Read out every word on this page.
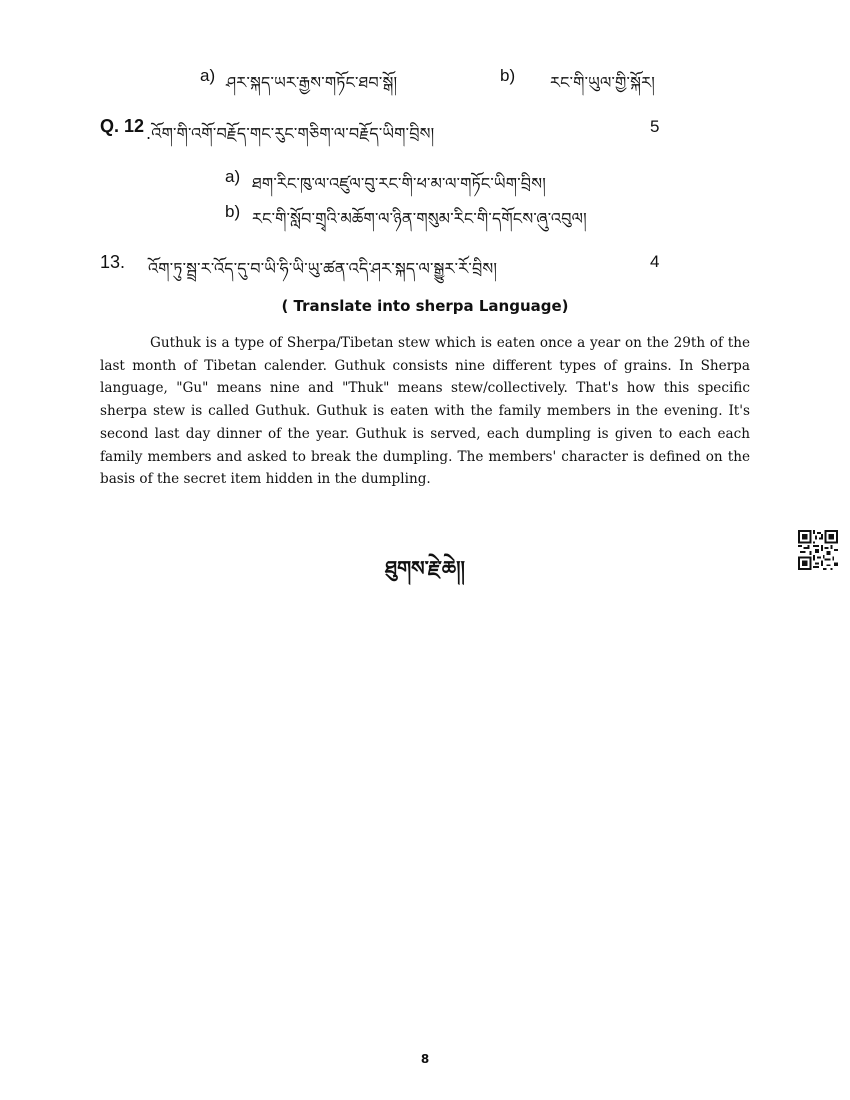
a) ཤར་སྐད་ཡར་རྒྱས་གཏོང་ཐབ་སྒོ།	b) རང་གི་ཡུལ་གྱི་སྐོར།
Q. 12 .འོག་གི་འགོ་བརྗོད་གང་རུང་གཅིག་ལ་བརྗོད་ཡིག་བྲིས།	5
a) ཐག་རིང་ཁུ་ལ་འཛུལ་བུ་རང་གི་ཕ་མ་ལ་གཏོང་ཡིག་བྲིས།
b) རང་གི་སློབ་གྲྭའི་མཆོག་ལ་ཉིན་གསུམ་རིང་གི་དགོངས་ཞུ་འབུལ།
13. འོག་ཏུ་སྦྲ་ར་འོད་དུ་བ་ཡི་ཧི་ཡི་ཡུ་ཚན་འདི་ཤར་སྐད་ལ་སྒྱུར་རོ་བྲིས།	4
( Translate into sherpa Language)

Guthuk is a type of Sherpa/Tibetan stew which is eaten once a year on the 29th of the last month of Tibetan calender. Guthuk consists nine different types of grains. In Sherpa language, "Gu" means nine and "Thuk" means stew/collectively. That's how this specific sherpa stew is called Guthuk. Guthuk is eaten with the family members in the evening. It's second last day dinner of the year. Guthuk is served, each dumpling is given to each each family members and asked to break the dumpling. The members' character is defined on the basis of the secret item hidden in the dumpling.

ཐུགས་རྗེ་ཆེ།།
8
